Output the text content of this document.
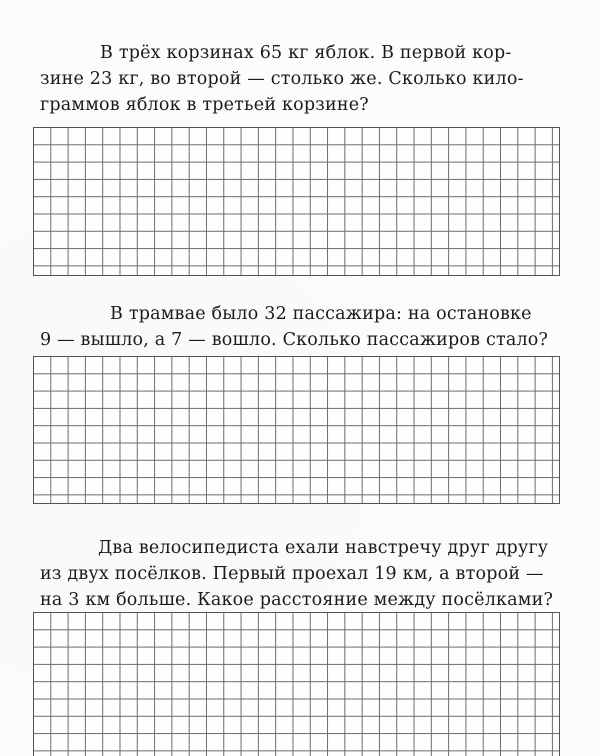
В трёх корзинах 65 кг яблок. В первой кор-
зине 23 кг, во второй — столько же. Сколько кило-
граммов яблок в третьей корзине?
В трамвае было 32 пассажира: на остановке
9 — вышло, а 7 — вошло. Сколько пассажиров стало?
Два велосипедиста ехали навстречу друг другу
из двух посёлков. Первый проехал 19 км, а второй —
на 3 км больше. Какое расстояние между посёлками?
